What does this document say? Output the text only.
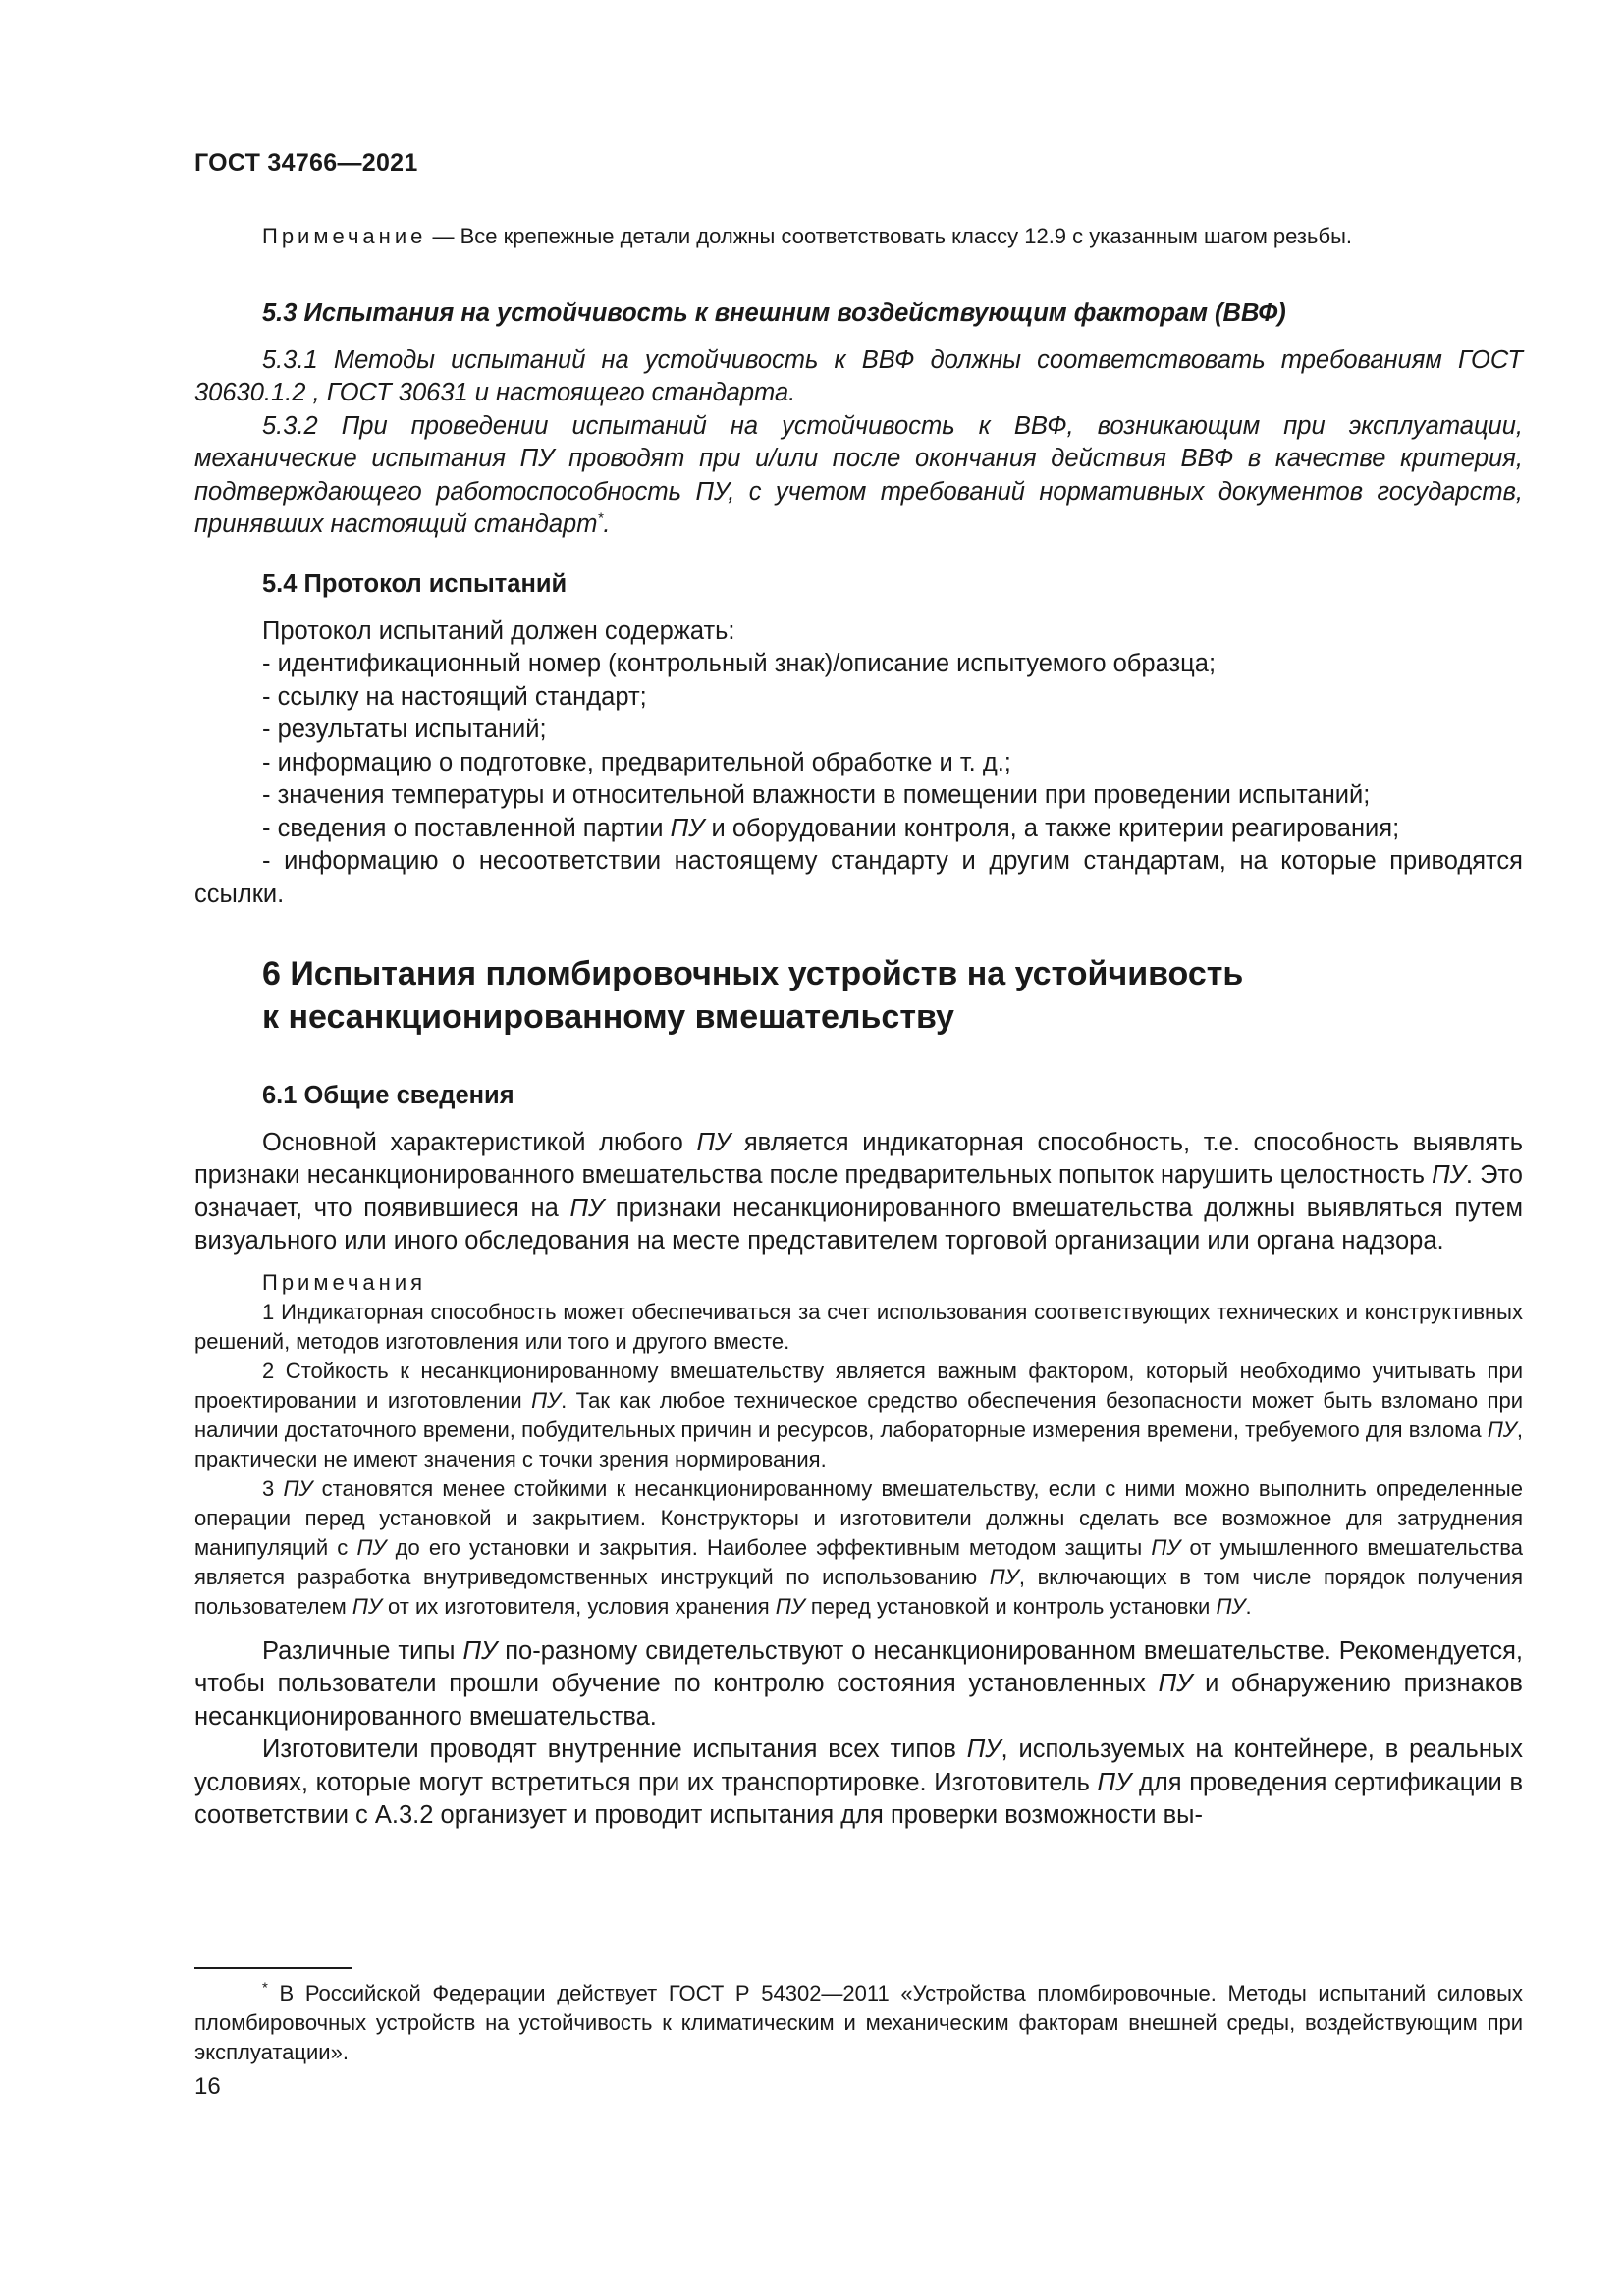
ГОСТ 34766—2021

Примечание — Все крепежные детали должны соответствовать классу 12.9 с указанным шагом резьбы.

5.3 Испытания на устойчивость к внешним воздействующим факторам (ВВФ)

5.3.1 Методы испытаний на устойчивость к ВВФ должны соответствовать требованиям ГОСТ 30630.1.2 , ГОСТ 30631 и настоящего стандарта.

5.3.2 При проведении испытаний на устойчивость к ВВФ, возникающим при эксплуатации, механические испытания ПУ проводят при и/или после окончания действия ВВФ в качестве критерия, подтверждающего работоспособность ПУ, с учетом требований нормативных документов государств, принявших настоящий стандарт*.

5.4 Протокол испытаний

Протокол испытаний должен содержать:

- идентификационный номер (контрольный знак)/описание испытуемого образца;

- ссылку на настоящий стандарт;

- результаты испытаний;

- информацию о подготовке, предварительной обработке и т. д.;

- значения температуры и относительной влажности в помещении при проведении испытаний;

- сведения о поставленной партии ПУ и оборудовании контроля, а также критерии реагирования;

- информацию о несоответствии настоящему стандарту и другим стандартам, на которые приводятся ссылки.

6 Испытания пломбировочных устройств на устойчивость

к несанкционированному вмешательству

6.1 Общие сведения

Основной характеристикой любого ПУ является индикаторная способность, т.е. способность выявлять признаки несанкционированного вмешательства после предварительных попыток нарушить целостность ПУ. Это означает, что появившиеся на ПУ признаки несанкционированного вмешательства должны выявляться путем визуального или иного обследования на месте представителем торговой организации или органа надзора.

Примечания

1 Индикаторная способность может обеспечиваться за счет использования соответствующих технических и конструктивных решений, методов изготовления или того и другого вместе.

2 Стойкость к несанкционированному вмешательству является важным фактором, который необходимо учитывать при проектировании и изготовлении ПУ. Так как любое техническое средство обеспечения безопасности может быть взломано при наличии достаточного времени, побудительных причин и ресурсов, лабораторные измерения времени, требуемого для взлома ПУ, практически не имеют значения с точки зрения нормирования.

3 ПУ становятся менее стойкими к несанкционированному вмешательству, если с ними можно выполнить определенные операции перед установкой и закрытием. Конструкторы и изготовители должны сделать все возможное для затруднения манипуляций с ПУ до его установки и закрытия. Наиболее эффективным методом защиты ПУ от умышленного вмешательства является разработка внутриведомственных инструкций по использованию ПУ, включающих в том числе порядок получения пользователем ПУ от их изготовителя, условия хранения ПУ перед установкой и контроль установки ПУ.

Различные типы ПУ по-разному свидетельствуют о несанкционированном вмешательстве. Рекомендуется, чтобы пользователи прошли обучение по контролю состояния установленных ПУ и обнаружению признаков несанкционированного вмешательства.

Изготовители проводят внутренние испытания всех типов ПУ, используемых на контейнере, в реальных условиях, которые могут встретиться при их транспортировке. Изготовитель ПУ для проведения сертификации в соответствии с А.3.2 организует и проводит испытания для проверки возможности вы-

* В Российской Федерации действует ГОСТ Р 54302—2011 «Устройства пломбировочные. Методы испытаний силовых пломбировочных устройств на устойчивость к климатическим и механическим факторам внешней среды, воздействующим при эксплуатации».

16
